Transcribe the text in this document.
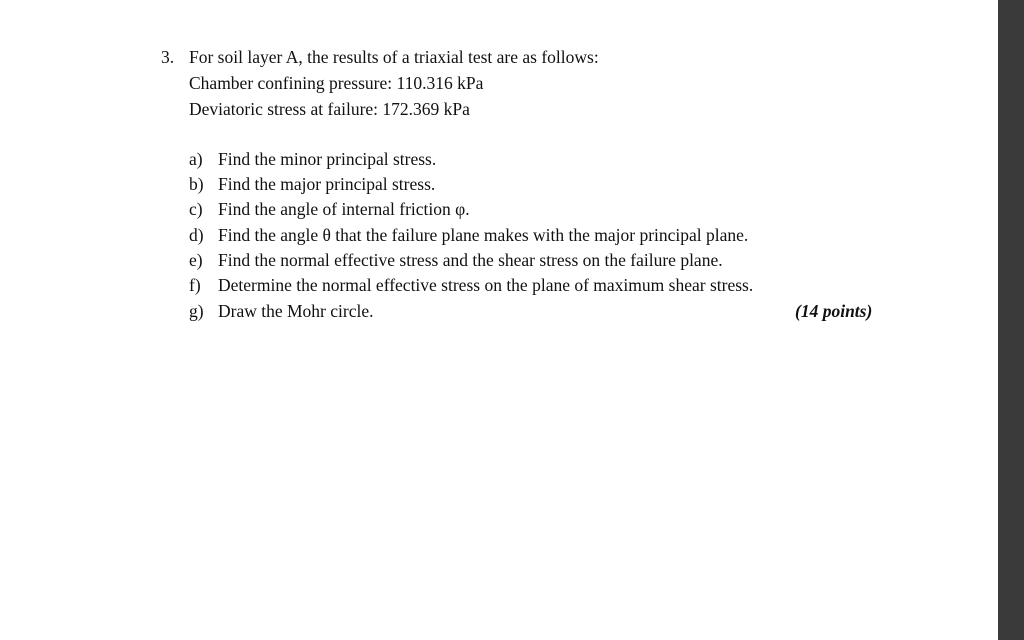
3. For soil layer A, the results of a triaxial test are as follows:
Chamber confining pressure: 110.316 kPa
Deviatoric stress at failure: 172.369 kPa
a) Find the minor principal stress.
b) Find the major principal stress.
c) Find the angle of internal friction φ.
d) Find the angle θ that the failure plane makes with the major principal plane.
e) Find the normal effective stress and the shear stress on the failure plane.
f) Determine the normal effective stress on the plane of maximum shear stress.
g) Draw the Mohr circle.	(14 points)
